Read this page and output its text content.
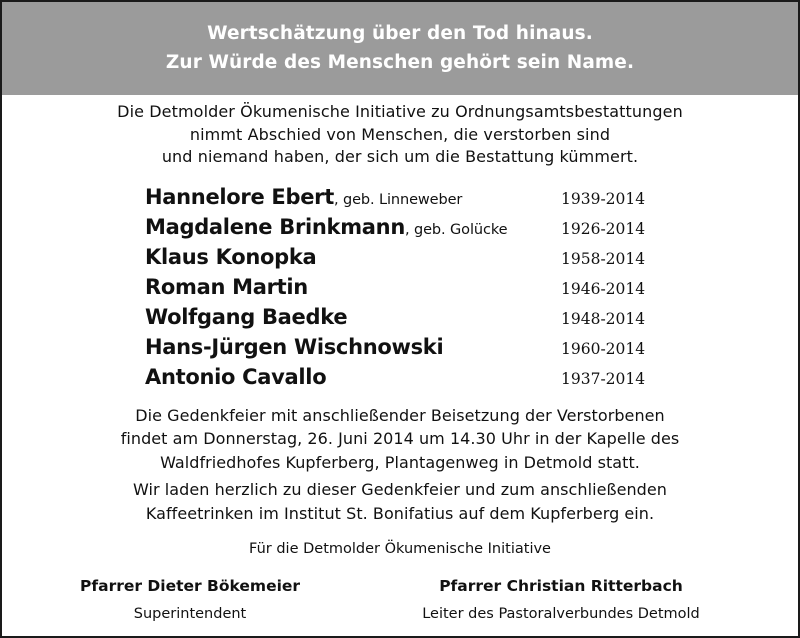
Wertschätzung über den Tod hinaus.
Zur Würde des Menschen gehört sein Name.
Die Detmolder Ökumenische Initiative zu Ordnungsamtsbestattungen
nimmt Abschied von Menschen, die verstorben sind
und niemand haben, der sich um die Bestattung kümmert.
Hannelore Ebert, geb. Linneweber	1939-2014
Magdalene Brinkmann, geb. Golücke	1926-2014
Klaus Konopka	1958-2014
Roman Martin	1946-2014
Wolfgang Baedke	1948-2014
Hans-Jürgen Wischnowski	1960-2014
Antonio Cavallo	1937-2014
Die Gedenkfeier mit anschließender Beisetzung der Verstorbenen
findet am Donnerstag, 26. Juni 2014 um 14.30 Uhr in der Kapelle des
Waldfriedhofes Kupferberg, Plantagenweg in Detmold statt.
Wir laden herzlich zu dieser Gedenkfeier und zum anschließenden
Kaffeetrinken im Institut St. Bonifatius auf dem Kupferberg ein.
Für die Detmolder Ökumenische Initiative
Pfarrer Dieter Bökemeier
Superintendent
Pfarrer Christian Ritterbach
Leiter des Pastoralverbundes Detmold
